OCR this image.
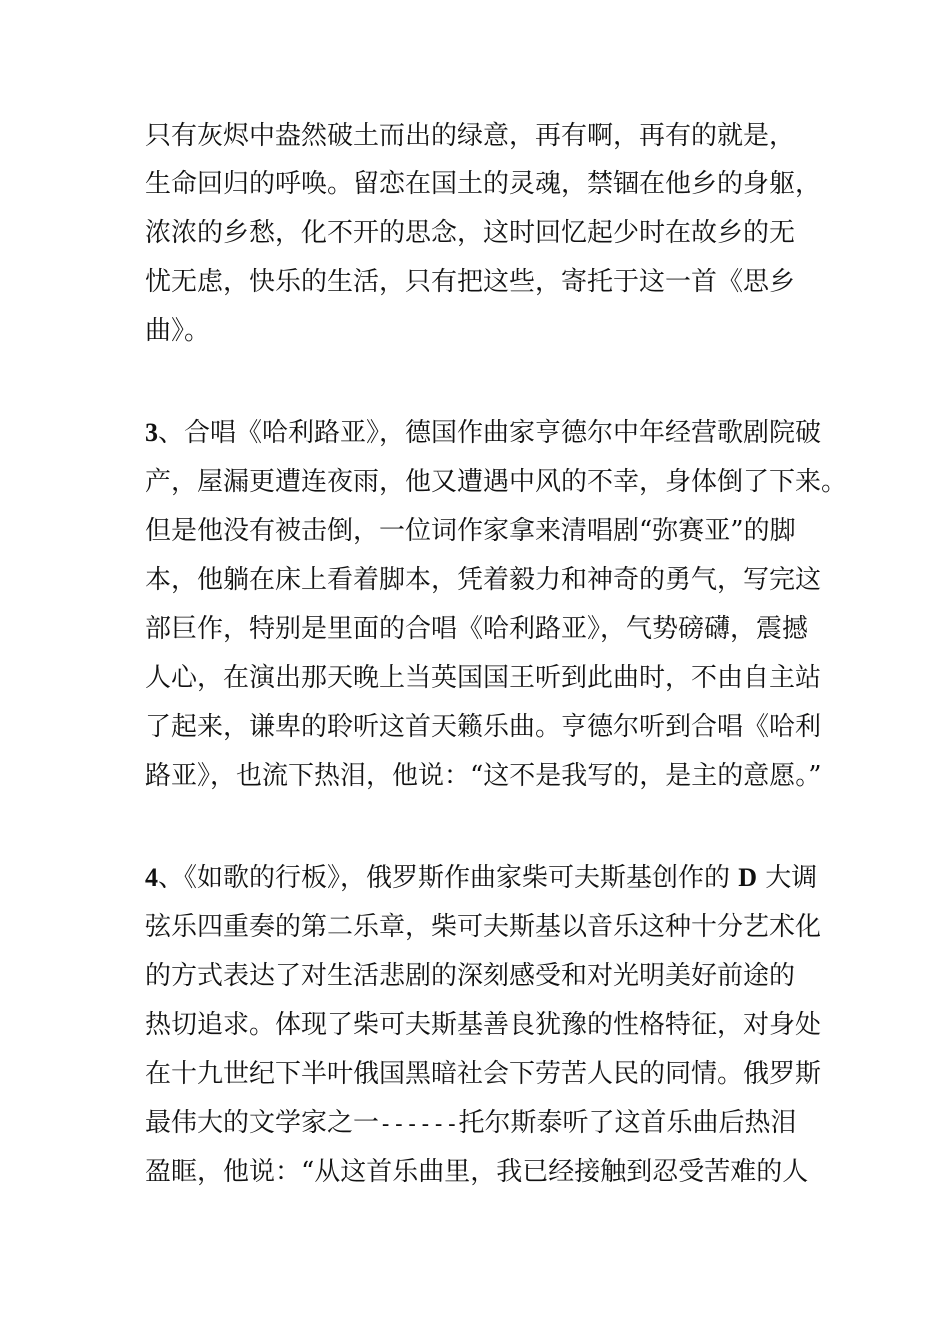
只有灰烬中盎然破土而出的绿意，再有啊，再有的就是，
生命回归的呼唤。留恋在国土的灵魂，禁锢在他乡的身躯，
浓浓的乡愁，化不开的思念，这时回忆起少时在故乡的无
忧无虑，快乐的生活，只有把这些，寄托于这一首《思乡
曲》。
3、合唱《哈利路亚》，德国作曲家亨德尔中年经营歌剧院破
产，屋漏更遭连夜雨，他又遭遇中风的不幸，身体倒了下来。
但是他没有被击倒，一位词作家拿来清唱剧“弥赛亚”的脚
本，他躺在床上看着脚本，凭着毅力和神奇的勇气，写完这
部巨作，特别是里面的合唱《哈利路亚》，气势磅礴，震撼
人心，在演出那天晚上当英国国王听到此曲时，不由自主站
了起来，谦卑的聆听这首天籁乐曲。亨德尔听到合唱《哈利
路亚》，也流下热泪，他说：“这不是我写的，是主的意愿。”
4、《如歌的行板》，俄罗斯作曲家柴可夫斯基创作的 D 大调
弦乐四重奏的第二乐章，柴可夫斯基以音乐这种十分艺术化
的方式表达了对生活悲剧的深刻感受和对光明美好前途的
热切追求。体现了柴可夫斯基善良犹豫的性格特征，对身处
在十九世纪下半叶俄国黑暗社会下劳苦人民的同情。俄罗斯
最伟大的文学家之一------托尔斯泰听了这首乐曲后热泪
盈眶，他说：“从这首乐曲里，我已经接触到忍受苦难的人
